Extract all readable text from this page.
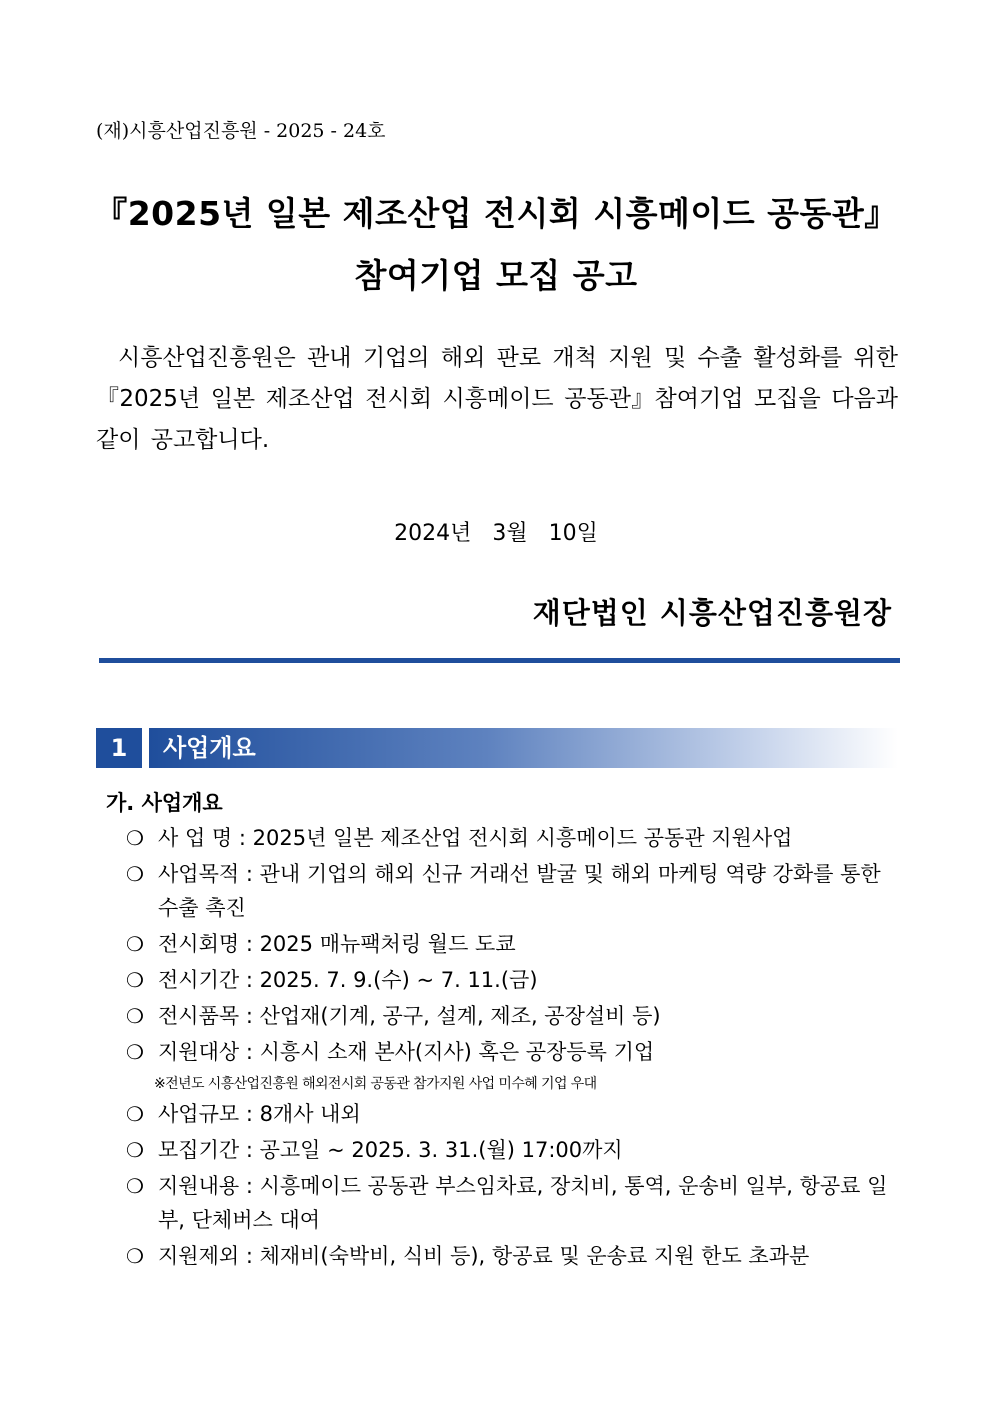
(재)시흥산업진흥원 - 2025 - 24호
『2025년 일본 제조산업 전시회 시흥메이드 공동관』
참여기업 모집 공고
시흥산업진흥원은 관내 기업의 해외 판로 개척 지원 및 수출 활성화를 위한『2025년 일본 제조산업 전시회 시흥메이드 공동관』참여기업 모집을 다음과 같이 공고합니다.
2024년 3월 10일
재단법인 시흥산업진흥원장
1	사업개요
가. 사업개요
❍ 사 업 명 : 2025년 일본 제조산업 전시회 시흥메이드 공동관 지원사업
❍ 사업목적 : 관내 기업의 해외 신규 거래선 발굴 및 해외 마케팅 역량 강화를 통한 수출 촉진
❍ 전시회명 : 2025 매뉴팩처링 월드 도쿄
❍ 전시기간 : 2025. 7. 9.(수) ~ 7. 11.(금)
❍ 전시품목 : 산업재(기계, 공구, 설계, 제조, 공장설비 등)
❍ 지원대상 : 시흥시 소재 본사(지사) 혹은 공장등록 기업
※전년도 시흥산업진흥원 해외전시회 공동관 참가지원 사업 미수혜 기업 우대
❍ 사업규모 : 8개사 내외
❍ 모집기간 : 공고일 ~ 2025. 3. 31.(월) 17:00까지
❍ 지원내용 : 시흥메이드 공동관 부스임차료, 장치비, 통역, 운송비 일부, 항공료 일부, 단체버스 대여
❍ 지원제외 : 체재비(숙박비, 식비 등), 항공료 및 운송료 지원 한도 초과분
